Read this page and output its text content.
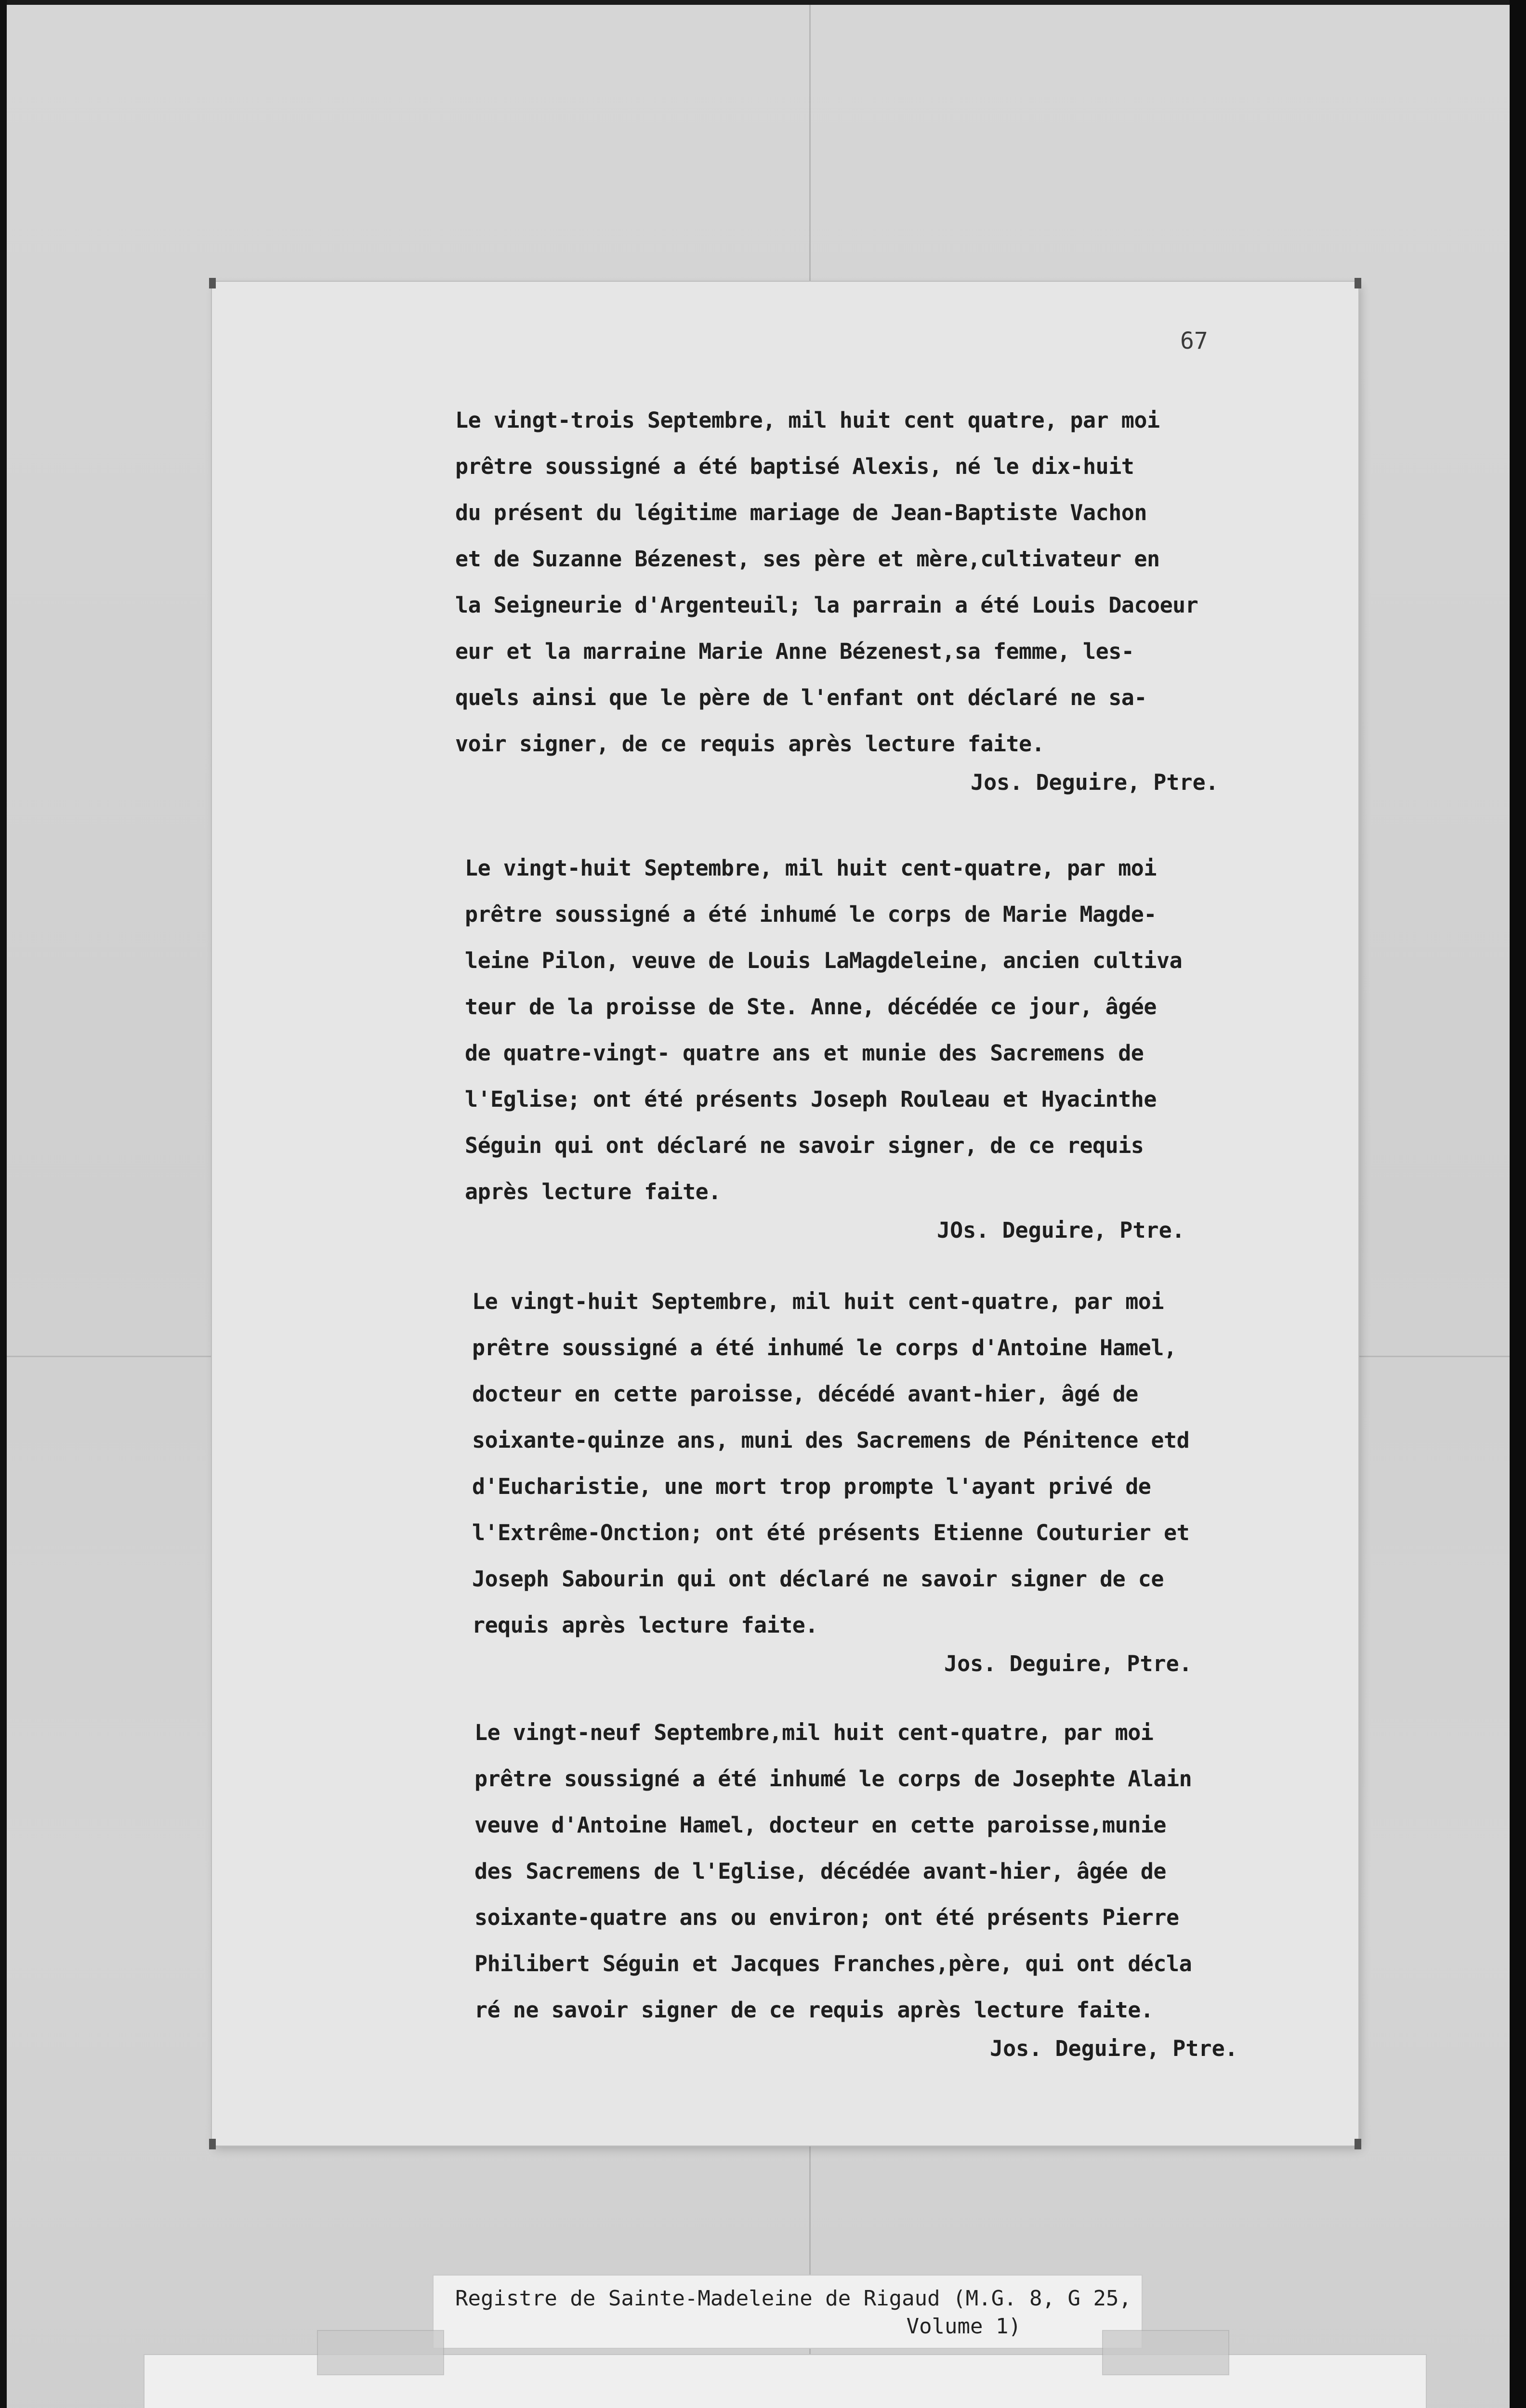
67
Le vingt-trois Septembre, mil huit cent quatre, par moi
prêtre soussigné a été baptisé Alexis, né le dix-huit
du présent du légitime mariage de Jean-Baptiste Vachon
et de Suzanne Bézenest, ses père et mère,cultivateur en
la Seigneurie d'Argenteuil; la parrain a été Louis Dacoeur
eur et la marraine Marie Anne Bézenest,sa femme, les-
quels ainsi que le père de l'enfant ont déclaré ne sa-
voir signer, de ce requis après lecture faite.
Jos. Deguire, Ptre.
Le vingt-huit Septembre, mil huit cent-quatre, par moi
prêtre soussigné a été inhumé le corps de Marie Magde-
leine Pilon, veuve de Louis LaMagdeleine, ancien cultiva
teur de la proisse de Ste. Anne, décédée ce jour, âgée
de quatre-vingt- quatre ans et munie des Sacremens de
l'Eglise; ont été présents Joseph Rouleau et Hyacinthe
Séguin qui ont déclaré ne savoir signer, de ce requis
après lecture faite.
JOs. Deguire, Ptre.
Le vingt-huit Septembre, mil huit cent-quatre, par moi
prêtre soussigné a été inhumé le corps d'Antoine Hamel,
docteur en cette paroisse, décédé avant-hier, âgé de
soixante-quinze ans, muni des Sacremens de Pénitence etd
d'Eucharistie, une mort trop prompte l'ayant privé de
l'Extrême-Onction; ont été présents Etienne Couturier et
Joseph Sabourin qui ont déclaré ne savoir signer de ce
requis après lecture faite.
Jos. Deguire, Ptre.
Le vingt-neuf Septembre,mil huit cent-quatre, par moi
prêtre soussigné a été inhumé le corps de Josephte Alain
veuve d'Antoine Hamel, docteur en cette paroisse,munie
des Sacremens de l'Eglise, décédée avant-hier, âgée de
soixante-quatre ans ou environ; ont été présents Pierre
Philibert Séguin et Jacques Franches,père, qui ont décla
ré ne savoir signer de ce requis après lecture faite.
Jos. Deguire, Ptre.
Registre de Sainte-Madeleine de Rigaud (M.G. 8, G 25,
Volume 1)
